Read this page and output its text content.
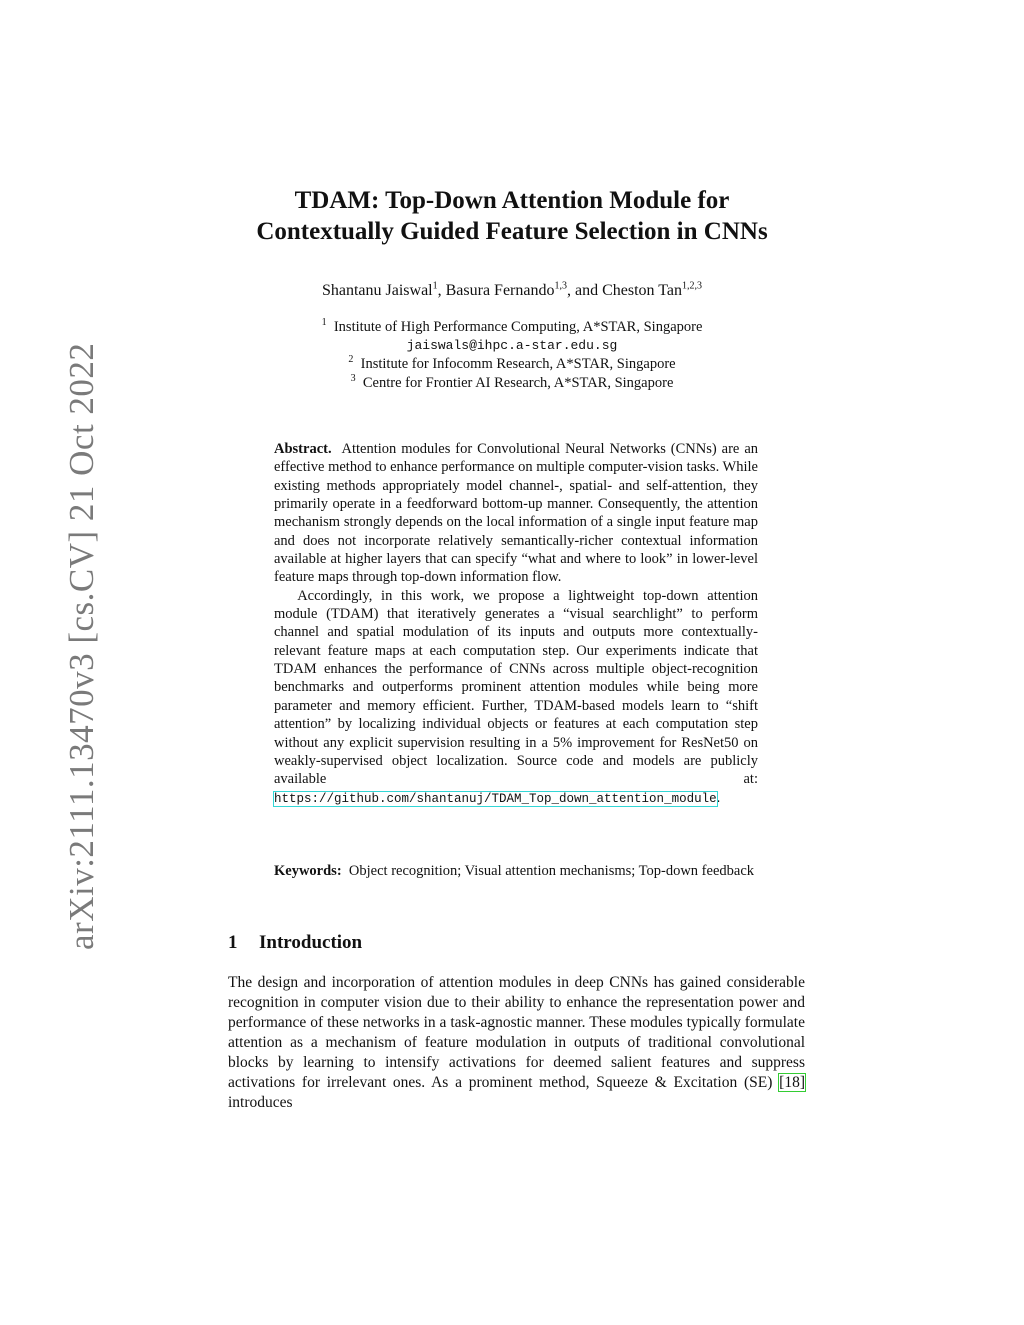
arXiv:2111.13470v3 [cs.CV] 21 Oct 2022
TDAM: Top-Down Attention Module for
Contextually Guided Feature Selection in CNNs
Shantanu Jaiswal$^1$, Basura Fernando$^{1,3}$, and Cheston Tan$^{1,2,3}$
$^1$ Institute of High Performance Computing, A*STAR, Singapore
jaiswals@ihpc.a-star.edu.sg
$^2$ Institute for Infocomm Research, A*STAR, Singapore
$^3$ Centre for Frontier AI Research, A*STAR, Singapore

Abstract. Attention modules for Convolutional Neural Networks (CNNs) are an effective method to enhance performance on multiple computer-vision tasks. While existing methods appropriately model channel-, spatial- and self-attention, they primarily operate in a feedforward bottom-up manner. Consequently, the attention mechanism strongly depends on the local information of a single input feature map and does not incorporate relatively semantically-richer contextual information available at higher layers that can specify “what and where to look” in lower-level feature maps through top-down information flow.

Accordingly, in this work, we propose a lightweight top-down attention module (TDAM) that iteratively generates a “visual searchlight” to perform channel and spatial modulation of its inputs and outputs more contextually-relevant feature maps at each computation step. Our experiments indicate that TDAM enhances the performance of CNNs across multiple object-recognition benchmarks and outperforms prominent attention modules while being more parameter and memory efficient. Further, TDAM-based models learn to “shift attention” by localizing individual objects or features at each computation step without any explicit supervision resulting in a 5% improvement for ResNet50 on weakly-supervised object localization. Source code and models are publicly available at: https://github.com/shantanuj/TDAM_Top_down_attention_module.

Keywords: Object recognition; Visual attention mechanisms; Top-down feedback
1 Introduction

The design and incorporation of attention modules in deep CNNs has gained considerable recognition in computer vision due to their ability to enhance the representation power and performance of these networks in a task-agnostic manner. These modules typically formulate attention as a mechanism of feature modulation in outputs of traditional convolutional blocks by learning to intensify activations for deemed salient features and suppress activations for irrelevant ones. As a prominent method, Squeeze & Excitation (SE) [18] introduces
